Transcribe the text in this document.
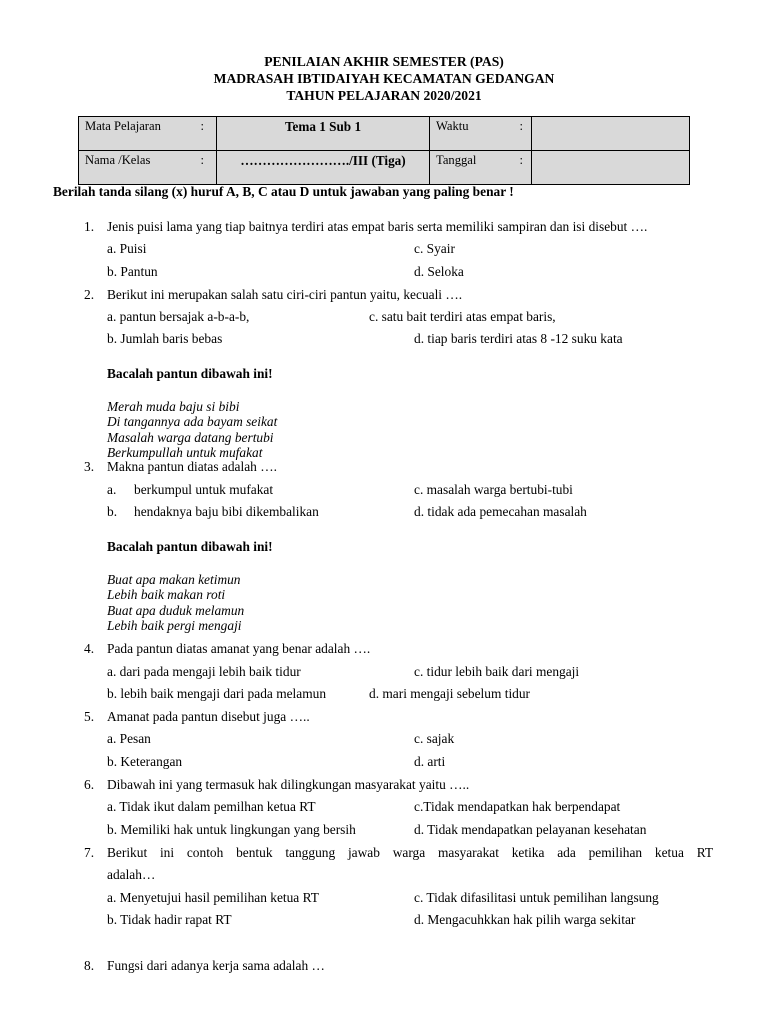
PENILAIAN AKHIR SEMESTER (PAS)
MADRASAH IBTIDAIYAH KECAMATAN GEDANGAN
TAHUN PELAJARAN 2020/2021
Mata Pelajaran :	Tema 1 Sub 1	Waktu :	

Nama /Kelas :	……………………./III (Tiga)	Tanggal :	

Berilah tanda silang (x) huruf A, B, C atau D untuk jawaban yang paling benar !
1. Jenis puisi lama yang tiap baitnya terdiri atas empat baris serta memiliki sampiran dan isi disebut ….
a. Puisi	c. Syair
b. Pantun	d. Seloka
2. Berikut ini merupakan salah satu ciri-ciri pantun yaitu, kecuali ….
a. pantun bersajak a-b-a-b,	c. satu bait terdiri atas empat baris,
b. Jumlah baris bebas	d. tiap baris terdiri atas 8 -12 suku kata
Bacalah pantun dibawah ini!
Merah muda baju si bibi
Di tangannya ada bayam seikat
Masalah warga datang bertubi
Berkumpullah untuk mufakat
3. Makna pantun diatas adalah ….
a. berkumpul untuk mufakat	c. masalah warga bertubi-tubi
b. hendaknya baju bibi dikembalikan	d. tidak ada pemecahan masalah
Bacalah pantun dibawah ini!
Buat apa makan ketimun
Lebih baik makan roti
Buat apa duduk melamun
Lebih baik pergi mengaji
4. Pada pantun diatas amanat yang benar adalah ….
a. dari pada mengaji lebih baik tidur	c. tidur lebih baik dari mengaji
b. lebih baik mengaji dari pada melamun	d. mari mengaji sebelum tidur
5. Amanat pada pantun disebut juga …..
a. Pesan	c. sajak
b. Keterangan	d. arti
6. Dibawah ini yang termasuk hak dilingkungan masyarakat yaitu …..
a. Tidak ikut dalam pemilhan ketua RT	c.Tidak mendapatkan hak berpendapat
b. Memiliki hak untuk lingkungan yang bersih	d. Tidak mendapatkan pelayanan kesehatan
7. Berikut ini contoh bentuk tanggung jawab warga masyarakat ketika ada pemilihan ketua RT
adalah…
a. Menyetujui hasil pemilihan ketua RT	c. Tidak difasilitasi untuk pemilihan langsung
b. Tidak hadir rapat RT	d. Mengacuhkkan hak pilih warga sekitar
8. Fungsi dari adanya kerja sama adalah …
